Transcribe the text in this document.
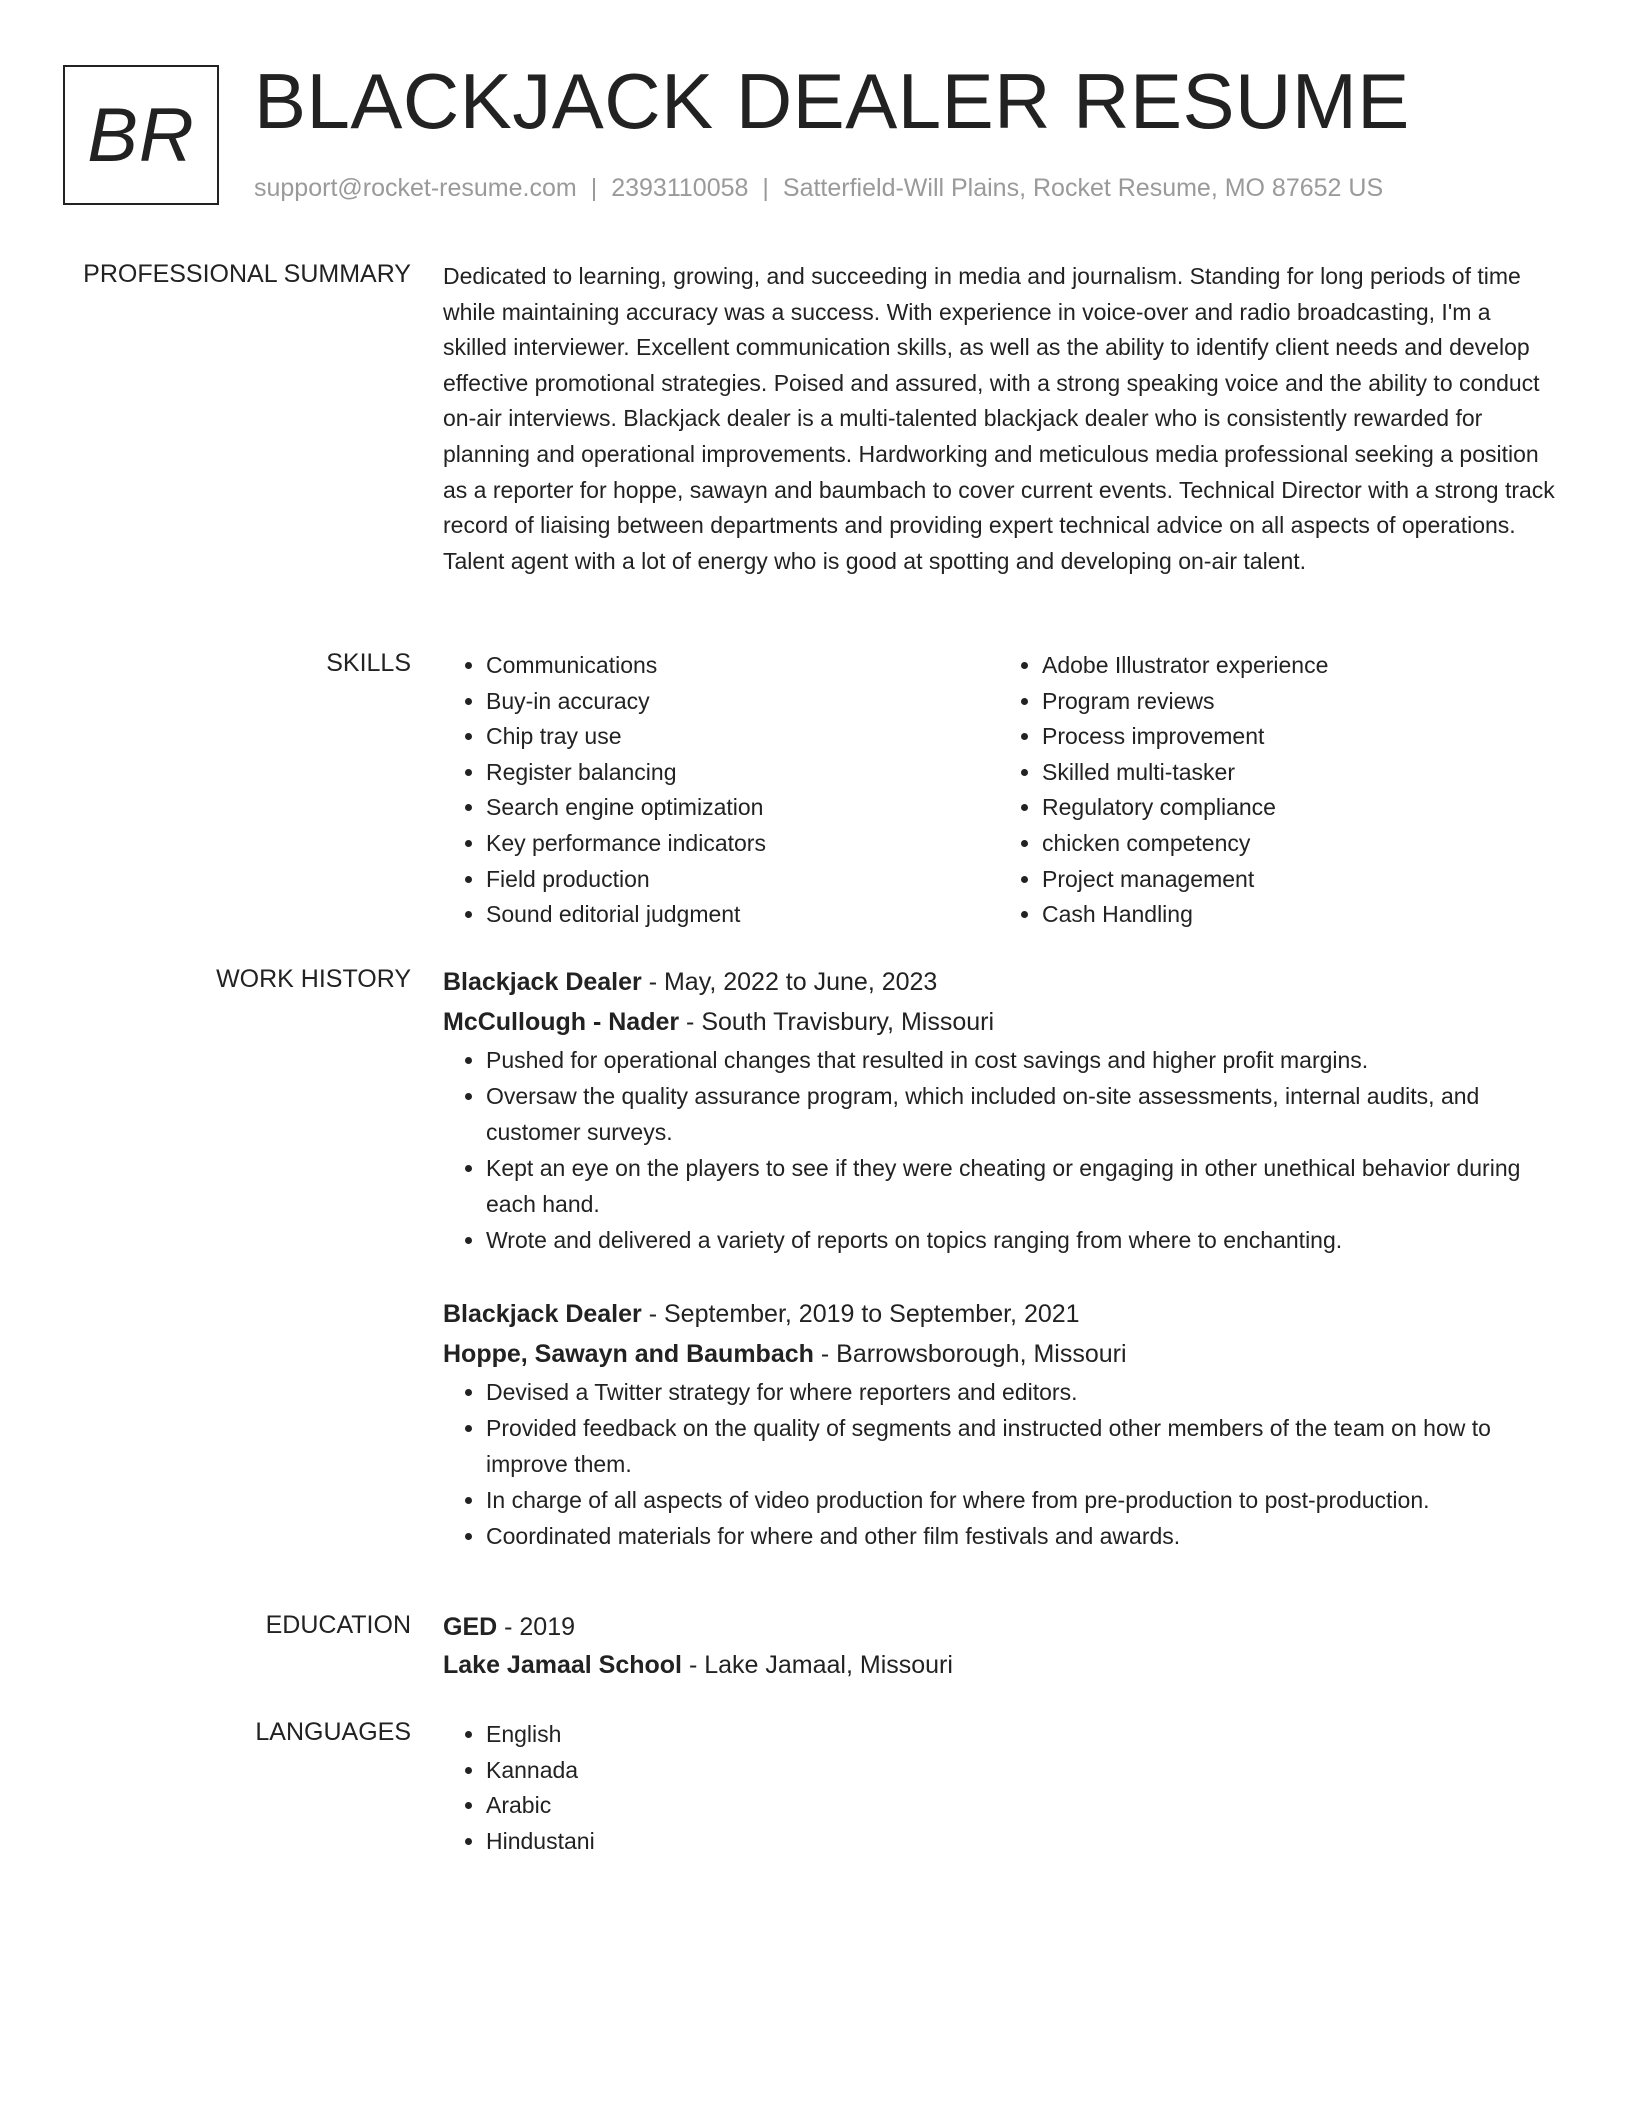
BR BLACKJACK DEALER RESUME
support@rocket-resume.com | 2393110058 | Satterfield-Will Plains, Rocket Resume, MO 87652 US
PROFESSIONAL SUMMARY Dedicated to learning, growing, and succeeding in media and journalism. Standing for long periods of time while maintaining accuracy was a success. With experience in voice-over and radio broadcasting, I'm a skilled interviewer. Excellent communication skills, as well as the ability to identify client needs and develop effective promotional strategies. Poised and assured, with a strong speaking voice and the ability to conduct on-air interviews. Blackjack dealer is a multi-talented blackjack dealer who is consistently rewarded for planning and operational improvements. Hardworking and meticulous media professional seeking a position as a reporter for hoppe, sawayn and baumbach to cover current events. Technical Director with a strong track record of liaising between departments and providing expert technical advice on all aspects of operations. Talent agent with a lot of energy who is good at spotting and developing on-air talent.

SKILLS	• Communications
• Buy-in accuracy
• Chip tray use
• Register balancing
• Search engine optimization
• Key performance indicators
• Field production
• Sound editorial judgment
• Adobe Illustrator experience
• Program reviews
• Process improvement
• Skilled multi-tasker
• Regulatory compliance
• chicken competency
• Project management
• Cash Handling
WORK HISTORY Blackjack Dealer - May, 2022 to June, 2023
McCullough - Nader - South Travisbury, Missouri
• Pushed for operational changes that resulted in cost savings and higher profit margins.
• Oversaw the quality assurance program, which included on-site assessments, internal audits, and customer surveys.
• Kept an eye on the players to see if they were cheating or engaging in other unethical behavior during each hand.
• Wrote and delivered a variety of reports on topics ranging from where to enchanting.
Blackjack Dealer - September, 2019 to September, 2021
Hoppe, Sawayn and Baumbach - Barrowsborough, Missouri
• Devised a Twitter strategy for where reporters and editors.
• Provided feedback on the quality of segments and instructed other members of the team on how to improve them.
• In charge of all aspects of video production for where from pre-production to post-production.
• Coordinated materials for where and other film festivals and awards.
EDUCATION GED - 2019
Lake Jamaal School - Lake Jamaal, Missouri
LANGUAGES	• English
• Kannada
• Arabic
• Hindustani
